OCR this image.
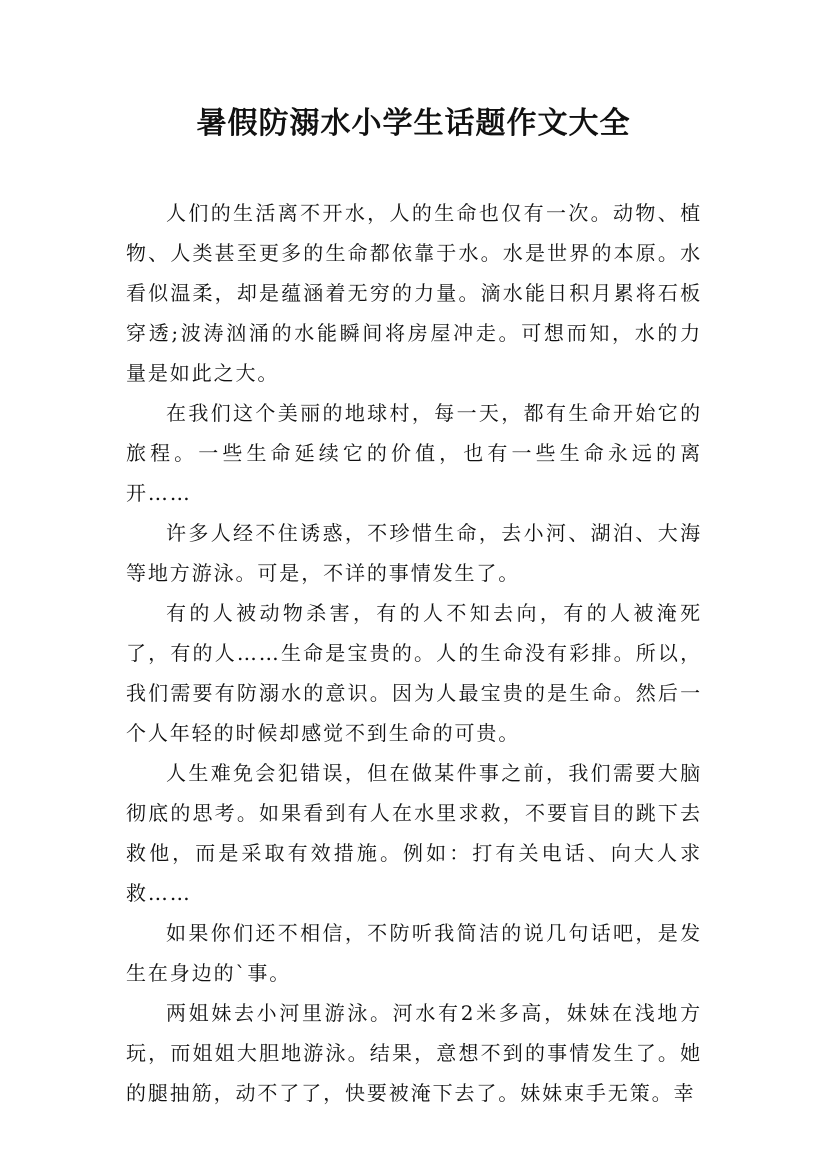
暑假防溺水小学生话题作文大全

人们的生活离不开水，人的生命也仅有一次。动物、植物、人类甚至更多的生命都依靠于水。水是世界的本原。水看似温柔，却是蕴涵着无穷的力量。滴水能日积月累将石板穿透;波涛汹涌的水能瞬间将房屋冲走。可想而知，水的力量是如此之大。

在我们这个美丽的地球村，每一天，都有生命开始它的旅程。一些生命延续它的价值，也有一些生命永远的离开……

许多人经不住诱惑，不珍惜生命，去小河、湖泊、大海等地方游泳。可是，不详的事情发生了。

有的人被动物杀害，有的人不知去向，有的人被淹死了，有的人……生命是宝贵的。人的生命没有彩排。所以，我们需要有防溺水的意识。因为人最宝贵的是生命。然后一个人年轻的时候却感觉不到生命的可贵。

人生难免会犯错误，但在做某件事之前，我们需要大脑彻底的思考。如果看到有人在水里求救，不要盲目的跳下去救他，而是采取有效措施。例如：打有关电话、向大人求救……

如果你们还不相信，不防听我简洁的说几句话吧，是发生在身边的`事。

两姐妹去小河里游泳。河水有2米多高，妹妹在浅地方玩，而姐姐大胆地游泳。结果，意想不到的事情发生了。她的腿抽筋，动不了了，快要被淹下去了。妹妹束手无策。幸
